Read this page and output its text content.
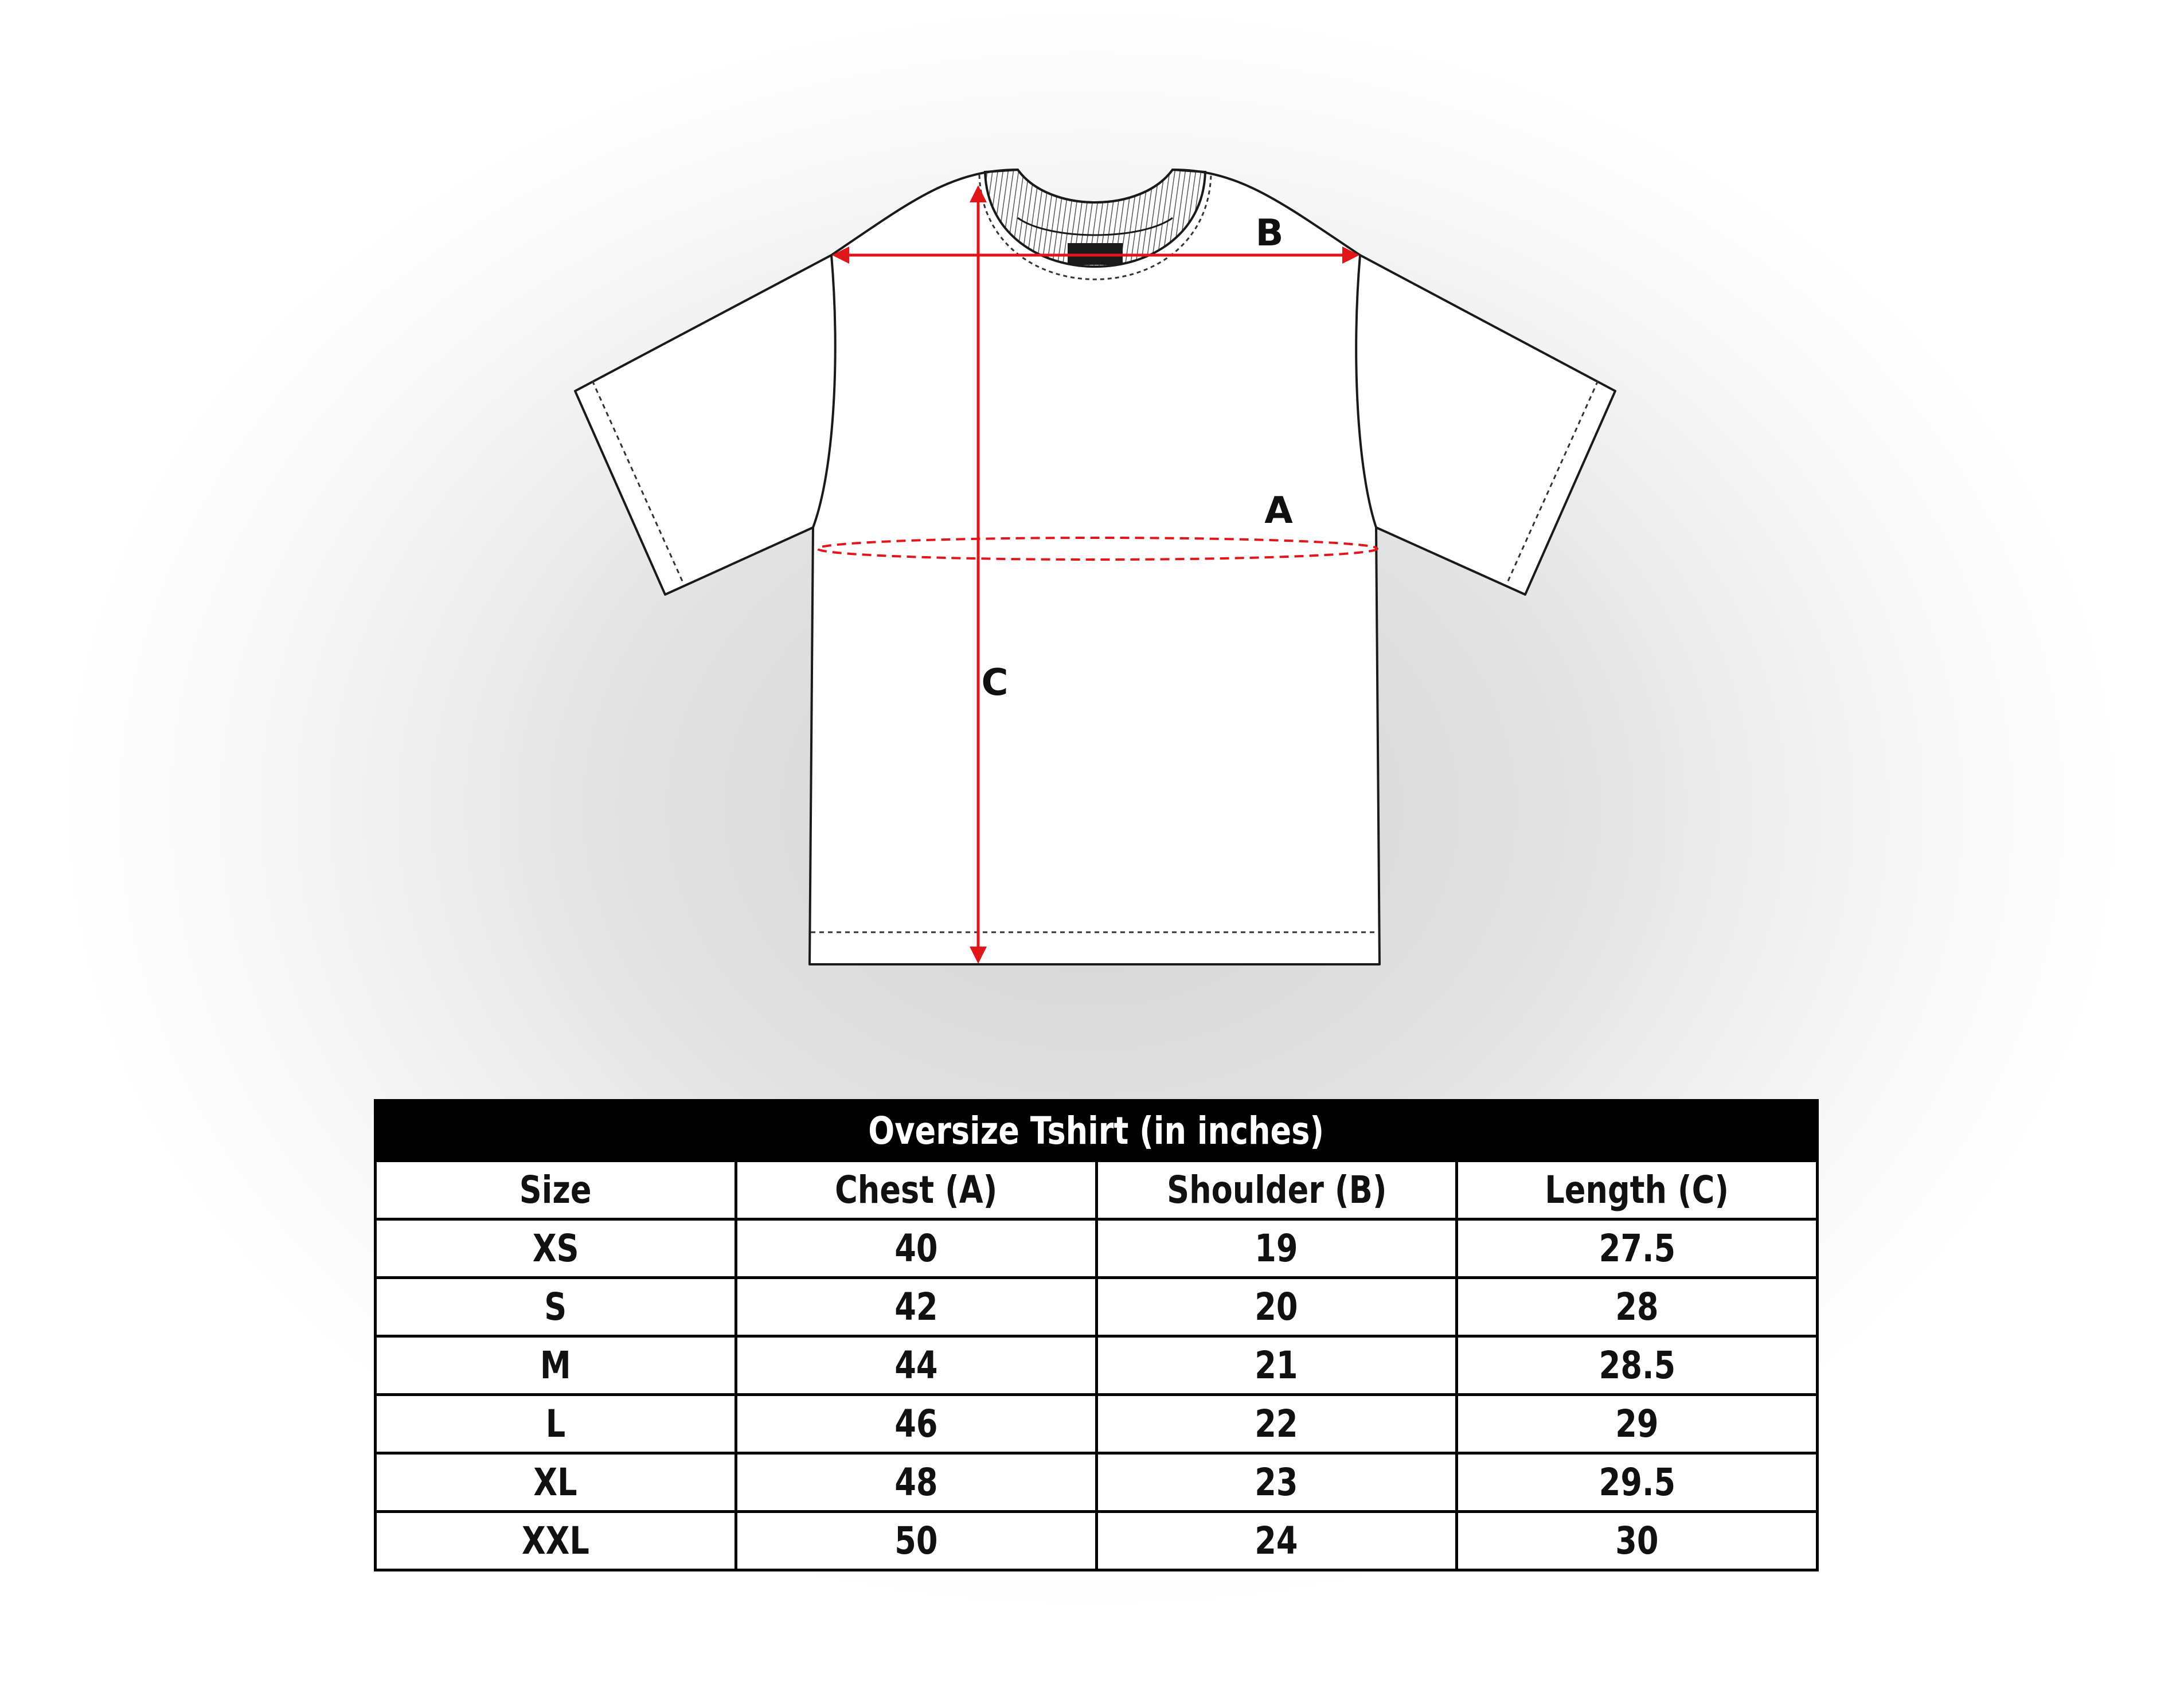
A
B
C
Oversize Tshirt (in inches)			
Size	Chest (A)	Shoulder (B)	Length (C)
XS	40	19	27.5
S	42	20	28
M	44	21	28.5
L	46	22	29
XL	48	23	29.5
XXL	50	24	30
